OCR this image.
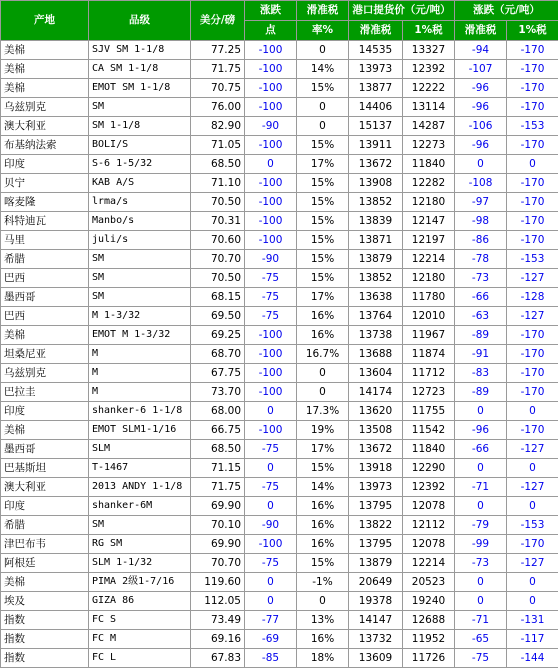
产地	品级	美分/磅	涨跌	滑准税	港口提货价（元/吨）		涨跌（元/吨）	
			点	率%	滑准税	1%税	滑准税	1%税
美棉	SJV SM 1-1/8	77.25	-100	0	14535	13327	-94	-170
美棉	CA SM 1-1/8	71.75	-100	14%	13973	12392	-107	-170
美棉	EMOT SM 1-1/8	70.75	-100	15%	13877	12222	-96	-170
乌兹别克	SM	76.00	-100	0	14406	13114	-96	-170
澳大利亚	SM 1-1/8	82.90	-90	0	15137	14287	-106	-153
布基纳法索	BOLI/S	71.05	-100	15%	13911	12273	-96	-170
印度	S-6 1-5/32	68.50	0	17%	13672	11840	0	0
贝宁	KAB A/S	71.10	-100	15%	13908	12282	-108	-170
喀麦隆	lrma/s	70.50	-100	15%	13852	12180	-97	-170
科特迪瓦	Manbo/s	70.31	-100	15%	13839	12147	-98	-170
马里	juli/s	70.60	-100	15%	13871	12197	-86	-170
希腊	SM	70.70	-90	15%	13879	12214	-78	-153
巴西	SM	70.50	-75	15%	13852	12180	-73	-127
墨西哥	SM	68.15	-75	17%	13638	11780	-66	-128
巴西	M 1-3/32	69.50	-75	16%	13764	12010	-63	-127
美棉	EMOT M 1-3/32	69.25	-100	16%	13738	11967	-89	-170
坦桑尼亚	M	68.70	-100	16.7%	13688	11874	-91	-170
乌兹别克	M	67.75	-100	0	13604	11712	-83	-170
巴拉圭	M	73.70	-100	0	14174	12723	-89	-170
印度	shanker-6 1-1/8	68.00	0	17.3%	13620	11755	0	0
美棉	EMOT SLM1-1/16	66.75	-100	19%	13508	11542	-96	-170
墨西哥	SLM	68.50	-75	17%	13672	11840	-66	-127
巴基斯坦	T-1467	71.15	0	15%	13918	12290	0	0
澳大利亚	2013 ANDY 1-1/8	71.75	-75	14%	13973	12392	-71	-127
印度	shanker-6M	69.90	0	16%	13795	12078	0	0
希腊	SM	70.10	-90	16%	13822	12112	-79	-153
津巴布韦	RG SM	69.90	-100	16%	13795	12078	-99	-170
阿根廷	SLM 1-1/32	70.70	-75	15%	13879	12214	-73	-127
美棉	PIMA 2级1-7/16	119.60	0	-1%	20649	20523	0	0
埃及	GIZA 86	112.05	0	0	19378	19240	0	0
指数	FC S	73.49	-77	13%	14147	12688	-71	-131
指数	FC M	69.16	-69	16%	13732	11952	-65	-117
指数	FC L	67.83	-85	18%	13609	11726	-75	-144
